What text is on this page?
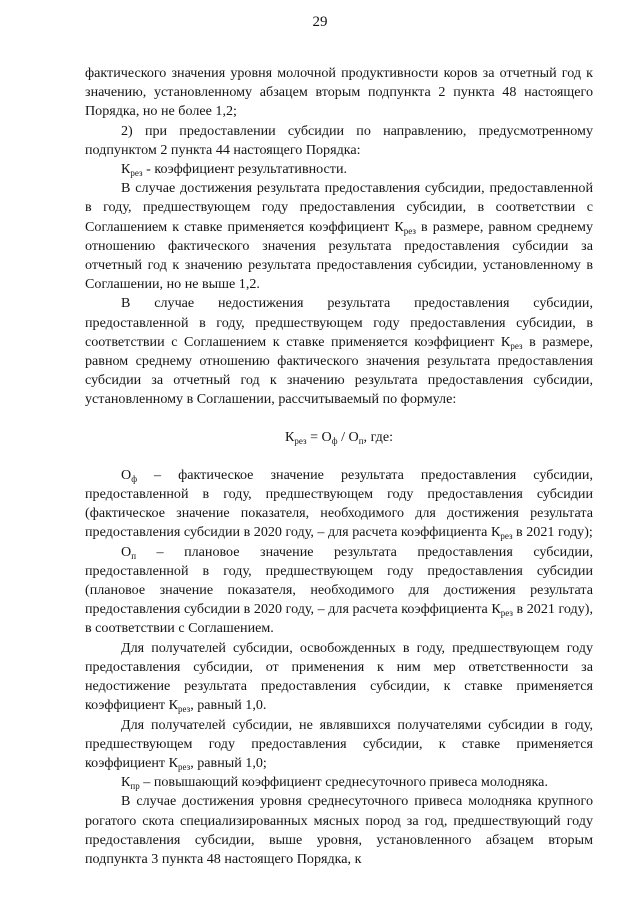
29

фактического значения уровня молочной продуктивности коров за отчетный год к значению, установленному абзацем вторым подпункта 2 пункта 48 настоящего Порядка, но не более 1,2;

2) при предоставлении субсидии по направлению, предусмотренному подпунктом 2 пункта 44 настоящего Порядка:

$К_{рез}$ - коэффициент результативности.

В случае достижения результата предоставления субсидии, предоставленной в году, предшествующем году предоставления субсидии, в соответствии с Соглашением к ставке применяется коэффициент $К_{рез}$ в размере, равном среднему отношению фактического значения результата предоставления субсидии за отчетный год к значению результата предоставления субсидии, установленному в Соглашении, но не выше 1,2.

В случае недостижения результата предоставления субсидии, предоставленной в году, предшествующем году предоставления субсидии, в соответствии с Соглашением к ставке применяется коэффициент $К_{рез}$ в размере, равном среднему отношению фактического значения результата предоставления субсидии за отчетный год к значению результата предоставления субсидии, установленному в Соглашении, рассчитываемый по формуле:

$К_{рез} = О_ф / О_п$, где:

$О_ф$ – фактическое значение результата предоставления субсидии, предоставленной в году, предшествующем году предоставления субсидии (фактическое значение показателя, необходимого для достижения результата предоставления субсидии в 2020 году, – для расчета коэффициента $К_{рез}$ в 2021 году);

$О_п$ – плановое значение результата предоставления субсидии, предоставленной в году, предшествующем году предоставления субсидии (плановое значение показателя, необходимого для достижения результата предоставления субсидии в 2020 году, – для расчета коэффициента $К_{рез}$ в 2021 году), в соответствии с Соглашением.

Для получателей субсидии, освобожденных в году, предшествующем году предоставления субсидии, от применения к ним мер ответственности за недостижение результата предоставления субсидии, к ставке применяется коэффициент $К_{рез}$, равный 1,0.

Для получателей субсидии, не являвшихся получателями субсидии в году, предшествующем году предоставления субсидии, к ставке применяется коэффициент $К_{рез}$, равный 1,0;

$К_{пр}$ – повышающий коэффициент среднесуточного привеса молодняка.

В случае достижения уровня среднесуточного привеса молодняка крупного рогатого скота специализированных мясных пород за год, предшествующий году предоставления субсидии, выше уровня, установленного абзацем вторым подпункта 3 пункта 48 настоящего Порядка, к
